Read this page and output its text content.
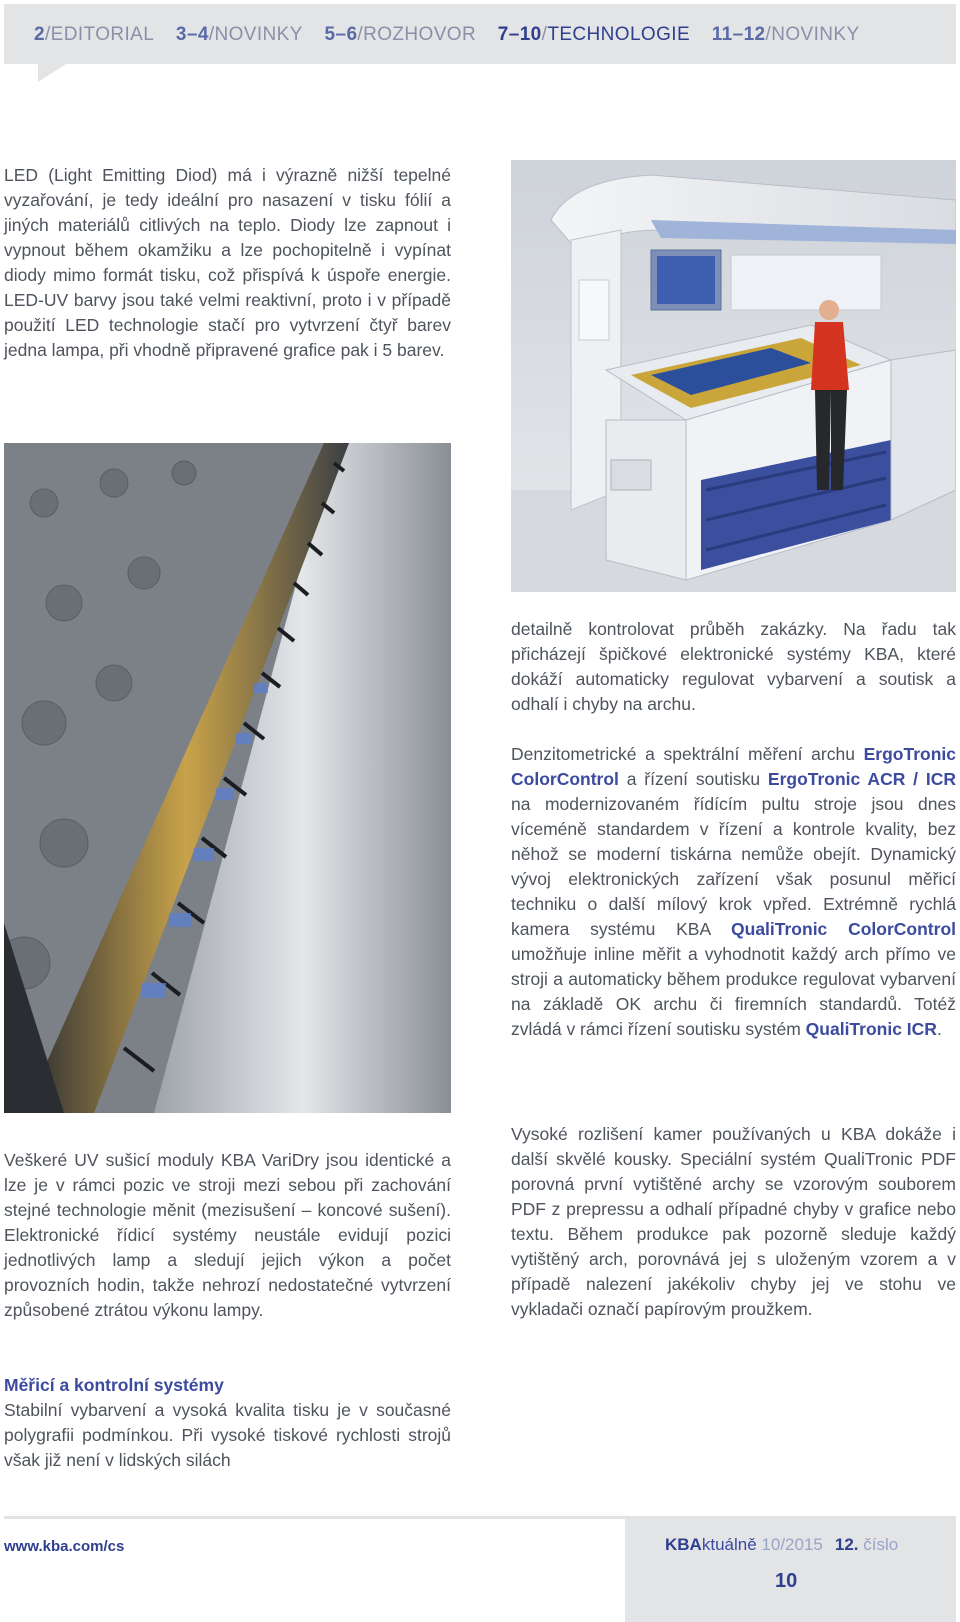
2/EDITORIAL 3–4/NOVINKY 5–6/ROZHOVOR 7–10/TECHNOLOGIE 11–12/NOVINKY

LED (Light Emitting Diod) má i výrazně nižší tepelné vyzařování, je tedy ideální pro nasazení v tisku fólií a jiných materiálů citlivých na teplo. Diody lze zapnout i vypnout během okamžiku a lze pochopitelně i vypínat diody mimo formát tisku, což přispívá k úspoře energie. LED-UV barvy jsou také velmi reaktivní, proto i v případě použití LED technologie stačí pro vytvrzení čtyř barev jedna lampa, při vhodně připravené grafice pak i 5 barev.

detailně kontrolovat průběh zakázky. Na řadu tak přicházejí špičkové elektronické systémy KBA, které dokáží automaticky regulovat vybarvení a soutisk a odhalí i chyby na archu.

Denzitometrické a spektrální měření archu ErgoTronic ColorControl a řízení soutisku ErgoTronic ACR / ICR na modernizovaném řídícím pultu stroje jsou dnes víceméně standardem v řízení a kontrole kvality, bez něhož se moderní tiskárna nemůže obejít. Dynamický vývoj elektronických zařízení však posunul měřicí techniku o další mílový krok vpřed. Extrémně rychlá kamera systému KBA QualiTronic ColorControl umožňuje inline měřit a vyhodnotit každý arch přímo ve stroji a automaticky během produkce regulovat vybarvení na základě OK archu či firemních standardů. Totéž zvládá v rámci řízení soutisku systém QualiTronic ICR.

Veškeré UV sušicí moduly KBA VariDry jsou identické a lze je v rámci pozic ve stroji mezi sebou při zachování stejné technologie měnit (mezisušení – koncové sušení). Elektronické řídicí systémy neustále evidují pozici jednotlivých lamp a sledují jejich výkon a počet provozních hodin, takže nehrozí nedostatečné vytvrzení způsobené ztrátou výkonu lampy.

Vysoké rozlišení kamer používaných u KBA dokáže i další skvělé kousky. Speciální systém QualiTronic PDF porovná první vytištěné archy se vzorovým souborem PDF z prepressu a odhalí případné chyby v grafice nebo textu. Během produkce pak pozorně sleduje každý vytištěný arch, porovnává jej s uloženým vzorem a v případě nalezení jakékoliv chyby jej ve stohu ve vykladači označí papírovým proužkem.

Měřicí a kontrolní systémy

Stabilní vybarvení a vysoká kvalita tisku je v současné polygrafii podmínkou. Při vysoké tiskové rychlosti strojů však již není v lidských silách

www.kba.com/cs	KBAktuálně 10/2015 12. číslo
10
